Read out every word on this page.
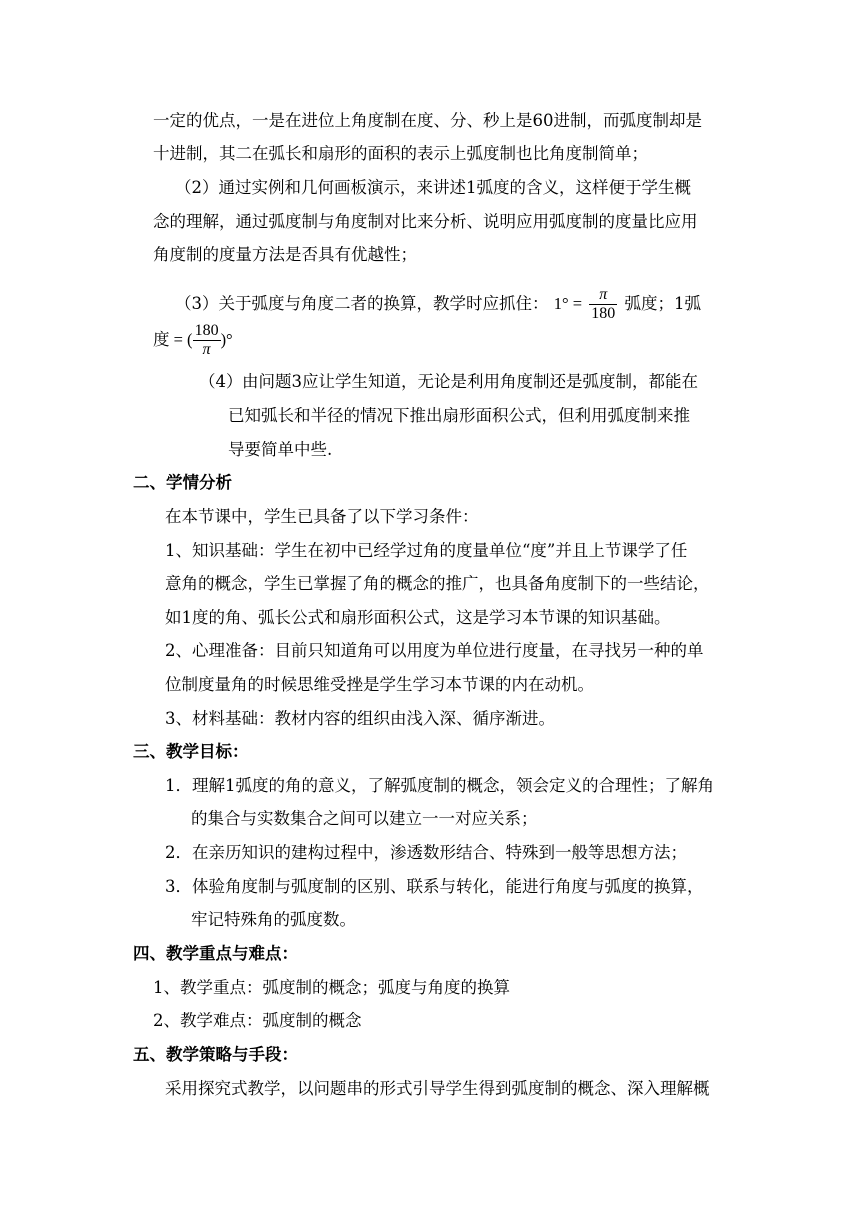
一定的优点，一是在进位上角度制在度、分、秒上是60进制，而弧度制却是
十进制，其二在弧长和扇形的面积的表示上弧度制也比角度制简单；
（2）通过实例和几何画板演示，来讲述1弧度的含义，这样便于学生概
念的理解，通过弧度制与角度制对比来分析、说明应用弧度制的度量比应用
角度制的度量方法是否具有优越性；
（3）关于弧度与角度二者的换算，教学时应抓住： $1^\circ = \frac{\pi}{180}$ 弧度；1弧
度 = ( $\frac{180}{\pi}$ )°
（4） 由问题3应让学生知道，无论是利用角度制还是弧度制，都能在
已知弧长和半径的情况下推出扇形面积公式，但利用弧度制来推
导要简单中些.
二、学情分析
在本节课中，学生已具备了以下学习条件：
1、知识基础：学生在初中已经学过角的度量单位“度”并且上节课学了任
意角的概念，学生已掌握了角的概念的推广，也具备角度制下的一些结论，
如1度的角、弧长公式和扇形面积公式，这是学习本节课的知识基础。
2、心理准备：目前只知道角可以用度为单位进行度量，在寻找另一种的单
位制度量角的时候思维受挫是学生学习本节课的内在动机。
3、材料基础：教材内容的组织由浅入深、循序渐进。
三、教学目标：
1．理解1弧度的角的意义，了解弧度制的概念，领会定义的合理性；了解角
的集合与实数集合之间可以建立一一对应关系；
2．在亲历知识的建构过程中，渗透数形结合、特殊到一般等思想方法；
3．体验角度制与弧度制的区别、联系与转化，能进行角度与弧度的换算，
牢记特殊角的弧度数。
四、教学重点与难点：
1、教学重点：弧度制的概念；弧度与角度的换算
2、教学难点：弧度制的概念
五、教学策略与手段：
采用探究式教学，以问题串的形式引导学生得到弧度制的概念、深入理解概
